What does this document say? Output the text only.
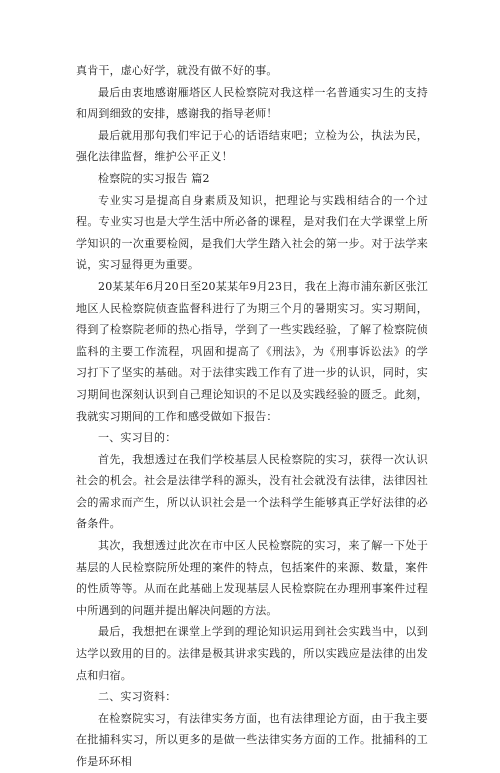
真肯干，虚心好学，就没有做不好的事。

最后由衷地感谢雁塔区人民检察院对我这样一名普通实习生的支持和周到细致的安排，感谢我的指导老师！

最后就用那句我们牢记于心的话语结束吧；立检为公，执法为民，强化法律监督，维护公平正义！

检察院的实习报告 篇2

专业实习是提高自身素质及知识，把理论与实践相结合的一个过程。专业实习也是大学生活中所必备的课程，是对我们在大学课堂上所学知识的一次重要检阅，是我们大学生踏入社会的第一步。对于法学来说，实习显得更为重要。

20某某年6月20日至20某某年9月23日，我在上海市浦东新区张江地区人民检察院侦查监督科进行了为期三个月的暑期实习。实习期间，得到了检察院老师的热心指导，学到了一些实践经验，了解了检察院侦监科的主要工作流程，巩固和提高了《刑法》，为《刑事诉讼法》的学习打下了坚实的基础。对于法律实践工作有了进一步的认识，同时，实习期间也深刻认识到自己理论知识的不足以及实践经验的匮乏。此刻，我就实习期间的工作和感受做如下报告：

一、实习目的：

首先，我想透过在我们学校基层人民检察院的实习，获得一次认识社会的机会。社会是法律学科的源头，没有社会就没有法律，法律因社会的需求而产生，所以认识社会是一个法科学生能够真正学好法律的必备条件。

其次，我想透过此次在市中区人民检察院的实习，来了解一下处于基层的人民检察院所处理的案件的特点，包括案件的来源、数量，案件的性质等等。从而在此基础上发现基层人民检察院在办理刑事案件过程中所遇到的问题并提出解决问题的方法。

最后，我想把在课堂上学到的理论知识运用到社会实践当中，以到达学以致用的目的。法律是极其讲求实践的，所以实践应是法律的出发点和归宿。

二、实习资料：

在检察院实习，有法律实务方面，也有法律理论方面，由于我主要在批捕科实习，所以更多的是做一些法律实务方面的工作。批捕科的工作是环环相
